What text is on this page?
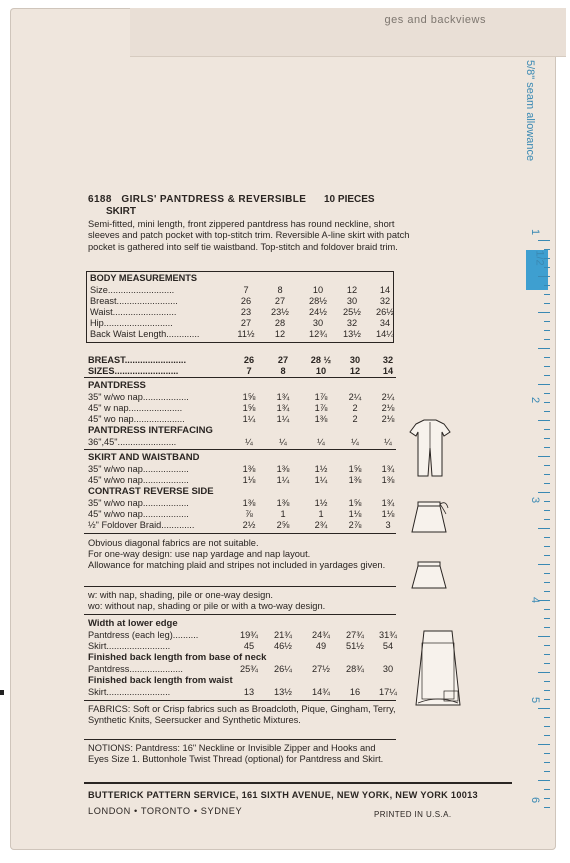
ges and backviews
5/8" seam allowance
1
1/2
2
3
4
5
6
6188 GIRLS' PANTDRESS & REVERSIBLE 10 PIECES
SKIRT
Semi-fitted, mini length, front zippered pantdress has round neckline, short sleeves and patch pocket with top-stitch trim. Reversible A-line skirt with patch pocket is gathered into self tie waistband. Top-stitch and foldover braid trim.
BODY MEASUREMENTS
Size..........................	7	8	10	12	14
Breast........................	26	27	28½	30	32
Waist.........................	23	23½	24½	25½	26½
Hip...........................	27	28	30	32	34
Back Waist Length.............	11½	12	12¾	13½	14¼
Obvious diagonal fabrics are not suitable.
For one-way design: use nap yardage and nap layout.
Allowance for matching plaid and stripes not included in yardages given.
w: with nap, shading, pile or one-way design.
wo: without nap, shading or pile or with a two-way design.
FABRICS: Soft or Crisp fabrics such as Broadcloth, Pique, Gingham, Terry, Synthetic Knits, Seersucker and Synthetic Mixtures.
NOTIONS: Pantdress: 16" Neckline or Invisible Zipper and Hooks and Eyes Size 1. Buttonhole Twist Thread (optional) for Pantdress and Skirt.
BUTTERICK PATTERN SERVICE, 161 SIXTH AVENUE, NEW YORK, NEW YORK 10013
LONDON • TORONTO • SYDNEY	PRINTED IN U.S.A.
BREAST........................	26	27	28 ½	30	32
SIZES.........................	7	8	10	12	14
PANTDRESS
35" w/wo nap..................	1⅝	1¾	1⅞	2¼	2¼
45" w nap.....................	1⅝	1¾	1⅞	2	2⅛
45" wo nap....................	1¼	1¼	1⅜	2	2⅛
PANTDRESS INTERFACING
36",45".......................	¼	¼	¼	¼	¼
SKIRT AND WAISTBAND
35" w/wo nap..................	1⅜	1⅜	1½	1⅝	1¾
45" w/wo nap..................	1⅛	1¼	1¼	1⅜	1⅜
CONTRAST REVERSE SIDE
35" w/wo nap..................	1⅜	1⅜	1½	1⅝	1¾
45" w/wo nap..................	⅞	1	1	1⅛	1⅛
½" Foldover Braid.............	2½	2⅝	2¾	2⅞	3
Width at lower edge
Pantdress (each leg)..........	19¾	21¾	24¾	27¾	31¾
Skirt.........................	45	46½	49	51½	54
Finished back length from base of neck
Pantdress.....................	25¾	26¼	27½	28¾	30
Finished back length from waist
Skirt.........................	13	13½	14¾	16	17¼
